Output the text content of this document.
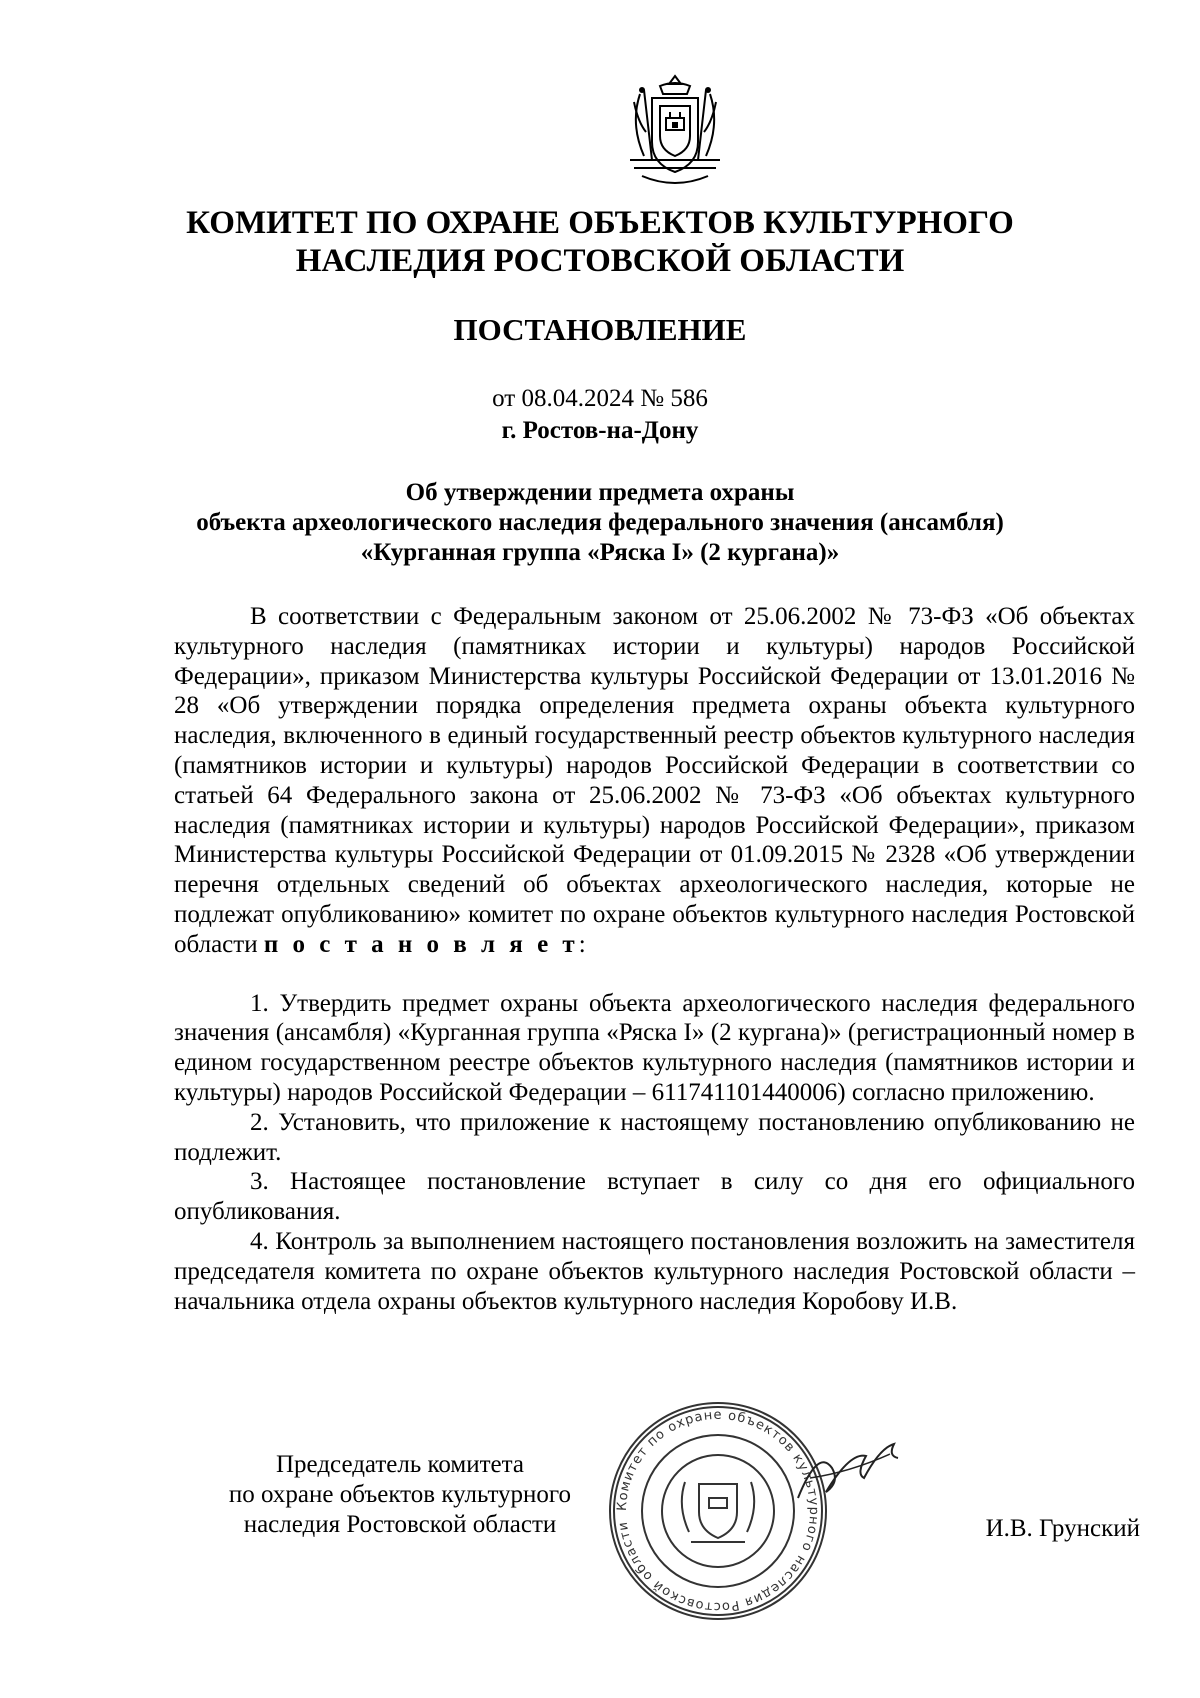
КОМИТЕТ ПО ОХРАНЕ ОБЪЕКТОВ КУЛЬТУРНОГО
НАСЛЕДИЯ РОСТОВСКОЙ ОБЛАСТИ
ПОСТАНОВЛЕНИЕ
от 08.04.2024 № 586
г. Ростов-на-Дону
Об утверждении предмета охраны
объекта археологического наследия федерального значения (ансамбля)
«Курганная группа «Ряска I» (2 кургана)»

В соответствии с Федеральным законом от 25.06.2002 № 73-ФЗ «Об объектах культурного наследия (памятниках истории и культуры) народов Российской Федерации», приказом Министерства культуры Российской Федерации от 13.01.2016 № 28 «Об утверждении порядка определения предмета охраны объекта культурного наследия, включенного в единый государственный реестр объектов культурного наследия (памятников истории и культуры) народов Российской Федерации в соответствии со статьей 64 Федерального закона от 25.06.2002 № 73-ФЗ «Об объектах культурного наследия (памятниках истории и культуры) народов Российской Федерации», приказом Министерства культуры Российской Федерации от 01.09.2015 № 2328 «Об утверждении перечня отдельных сведений об объектах археологического наследия, которые не подлежат опубликованию» комитет по охране объектов культурного наследия Ростовской области п о с т а н о в л я е т:

1. Утвердить предмет охраны объекта археологического наследия федерального значения (ансамбля) «Курганная группа «Ряска I» (2 кургана)» (регистрационный номер в едином государственном реестре объектов культурного наследия (памятников истории и культуры) народов Российской Федерации – 611741101440006) согласно приложению.

2. Установить, что приложение к настоящему постановлению опубликованию не подлежит.

3. Настоящее постановление вступает в силу со дня его официального опубликования.

4. Контроль за выполнением настоящего постановления возложить на заместителя председателя комитета по охране объектов культурного наследия Ростовской области – начальника отдела охраны объектов культурного наследия Коробову И.В.

Председатель комитета
по охране объектов культурного
наследия Ростовской области
Комитет по охране объектов культурного наследия Ростовской области	И.В. Грунский
